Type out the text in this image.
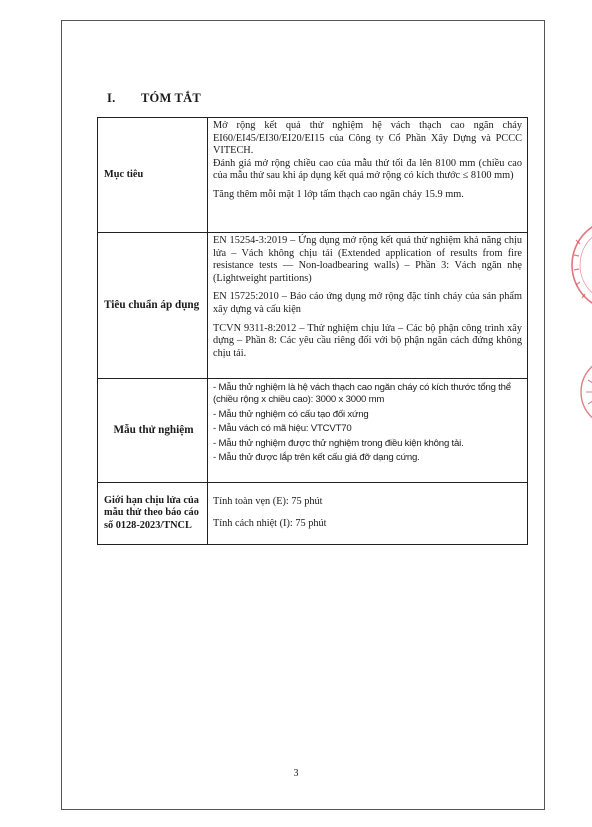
I. TÓM TẮT
Mục tiêu	Mở rộng kết quả thử nghiệm hệ vách thạch cao ngăn cháy EI60/EI45/EI30/EI20/EI15 của Công ty Cổ Phần Xây Dựng và PCCC VITECH.

Đánh giá mở rộng chiều cao của mẫu thử tối đa lên 8100 mm (chiều cao của mẫu thử sau khi áp dụng kết quả mở rộng có kích thước ≤ 8100 mm)

Tăng thêm mỗi mặt 1 lớp tấm thạch cao ngăn cháy 15.9 mm.

Tiêu chuẩn áp dụng	EN 15254-3:2019 – Ứng dụng mở rộng kết quả thử nghiệm khả năng chịu lửa – Vách không chịu tải (Extended application of results from fire resistance tests — Non-loadbearing walls) – Phần 3: Vách ngăn nhẹ (Lightweight partitions)

EN 15725:2010 – Báo cáo ứng dụng mở rộng đặc tính cháy của sản phẩm xây dựng và cấu kiện

TCVN 9311-8:2012 – Thử nghiệm chịu lửa – Các bộ phận công trình xây dựng – Phần 8: Các yêu cầu riêng đối với bộ phận ngăn cách đứng không chịu tải.

Mẫu thử nghiệm	- Mẫu thử nghiệm là hệ vách thạch cao ngăn cháy có kích thước tổng thể (chiều rộng x chiều cao): 3000 x 3000 mm

- Mẫu thử nghiệm có cấu tạo đối xứng

- Mẫu vách có mã hiệu: VTCVT70

- Mẫu thử nghiệm được thử nghiệm trong điều kiện không tải.

- Mẫu thử được lắp trên kết cấu giá đỡ dạng cứng.

Giới hạn chịu lửa của mẫu thử theo báo cáo số 0128-2023/TNCL	Tính toàn vẹn (E): 75 phút

Tính cách nhiệt (I): 75 phút

3
